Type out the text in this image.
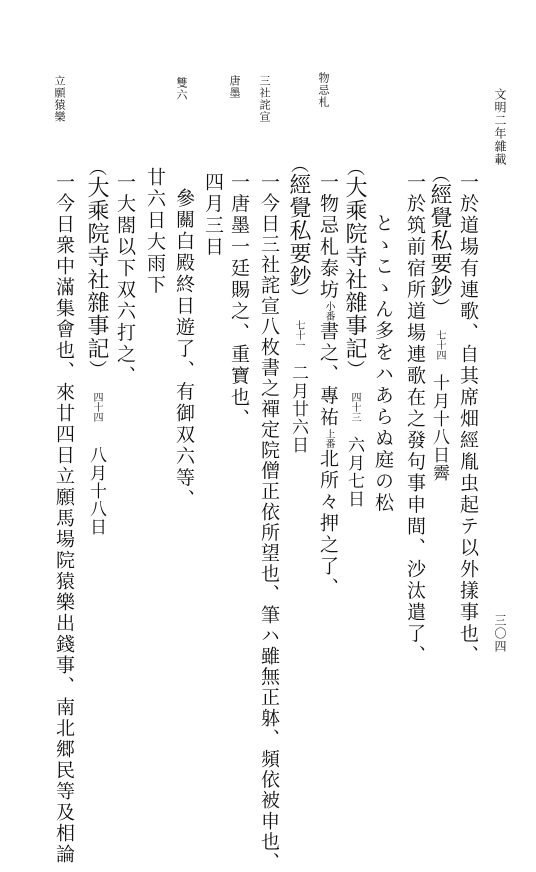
文明二年雜載
三〇四
物忌札
三社詫宣
唐墨
雙六
立願猿樂
一於道場有連歌、自其席畑經胤虫起テ以外㨾事也、
（經覺私要鈔）七十四十月十八日霽
一於筑前宿所道場連歌在之發句事申間、沙汰遣了、
とゝこゝん多をハあらぬ庭の松
（大乘院寺社雜事記）四十三六月七日
一物忌札泰坊小番書之、專祐上番北所々押之了、
（經覺私要鈔）七十一二月廿六日
一今日三社詫宣八枚書之禪定院僧正依所望也、筆ハ雖無正躰、頻依被申也、
一唐墨一廷賜之、重寶也、
四月三日
參關白殿終日遊了、有御双六等、
廿六日大雨下
一大閤以下双六打之、
（大乘院寺社雜事記）四十四八月十八日
一今日衆中滿集會也、來廿四日立願馬場院猿樂出錢事、南北郷民等及相論
